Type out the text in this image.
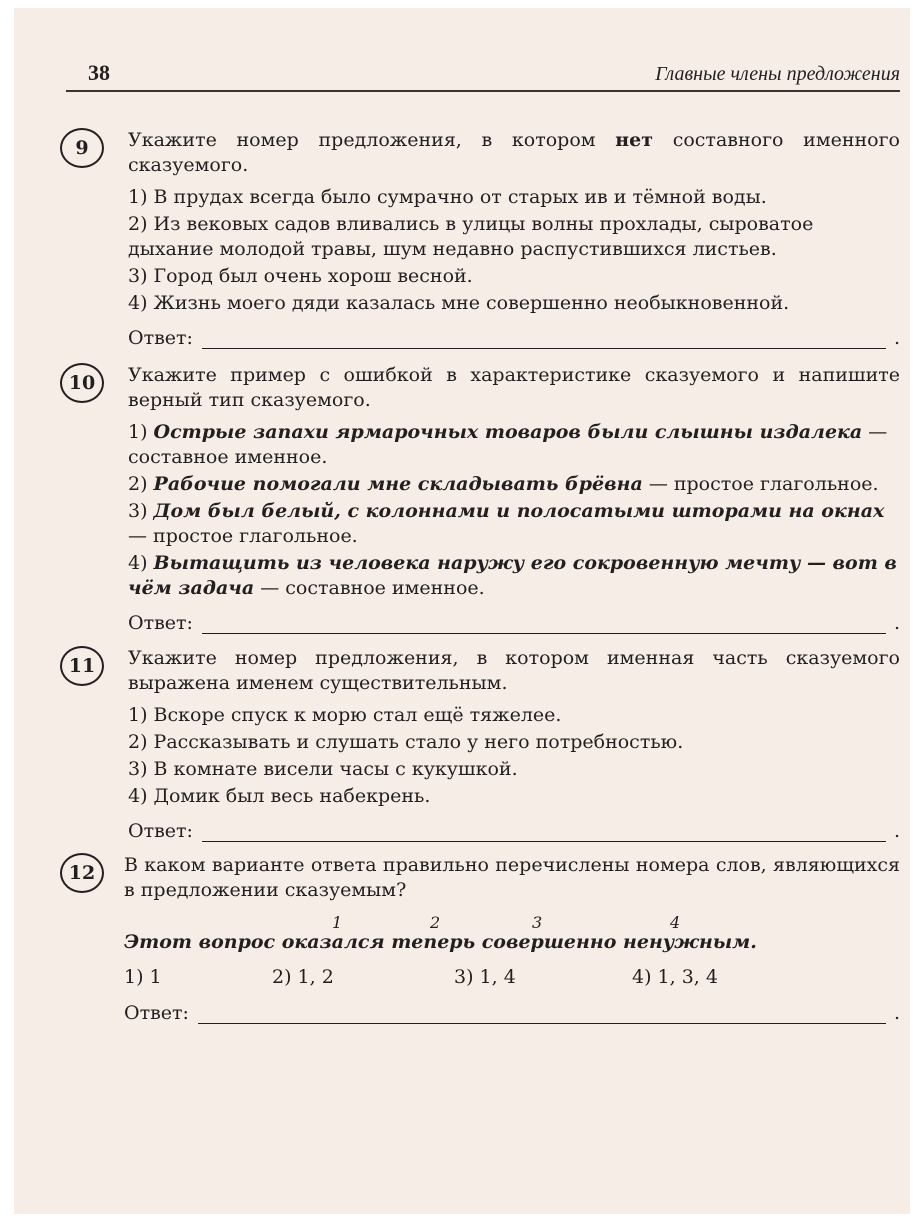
38	Главные члены предложения
9	Укажите номер предложения, в котором нет составного именного сказуемого.

1) В прудах всегда было сумрачно от старых ив и тёмной воды.

2) Из вековых садов вливались в улицы волны прохлады, сыроватое дыхание молодой травы, шум недавно распустившихся листьев.

3) Город был очень хорош весной.

4) Жизнь моего дяди казалась мне совершенно необыкновенной.

Ответ:	.
10	Укажите пример с ошибкой в характеристике сказуемого и напишите верный тип сказуемого.

1) Острые запахи ярмарочных товаров были слышны издалека — составное именное.

2) Рабочие помогали мне складывать брёвна — простое глагольное.

3) Дом был белый, с колоннами и полосатыми шторами на окнах — простое глагольное.

4) Вытащить из человека наружу его сокровенную мечту — вот в чём задача — составное именное.

Ответ:	.
11	Укажите номер предложения, в котором именная часть сказуемого выражена именем существительным.

1) Вскоре спуск к морю стал ещё тяжелее.

2) Рассказывать и слушать стало у него потребностью.

3) В комнате висели часы с кукушкой.

4) Домик был весь набекрень.

Ответ:	.
12	В каком варианте ответа правильно перечислены номера слов, являющихся в предложении сказуемым?

1	2	3	4

Этот вопрос оказался теперь совершенно ненужным.

1) 1	2) 1, 2	3) 1, 4	4) 1, 3, 4
Ответ:	.
